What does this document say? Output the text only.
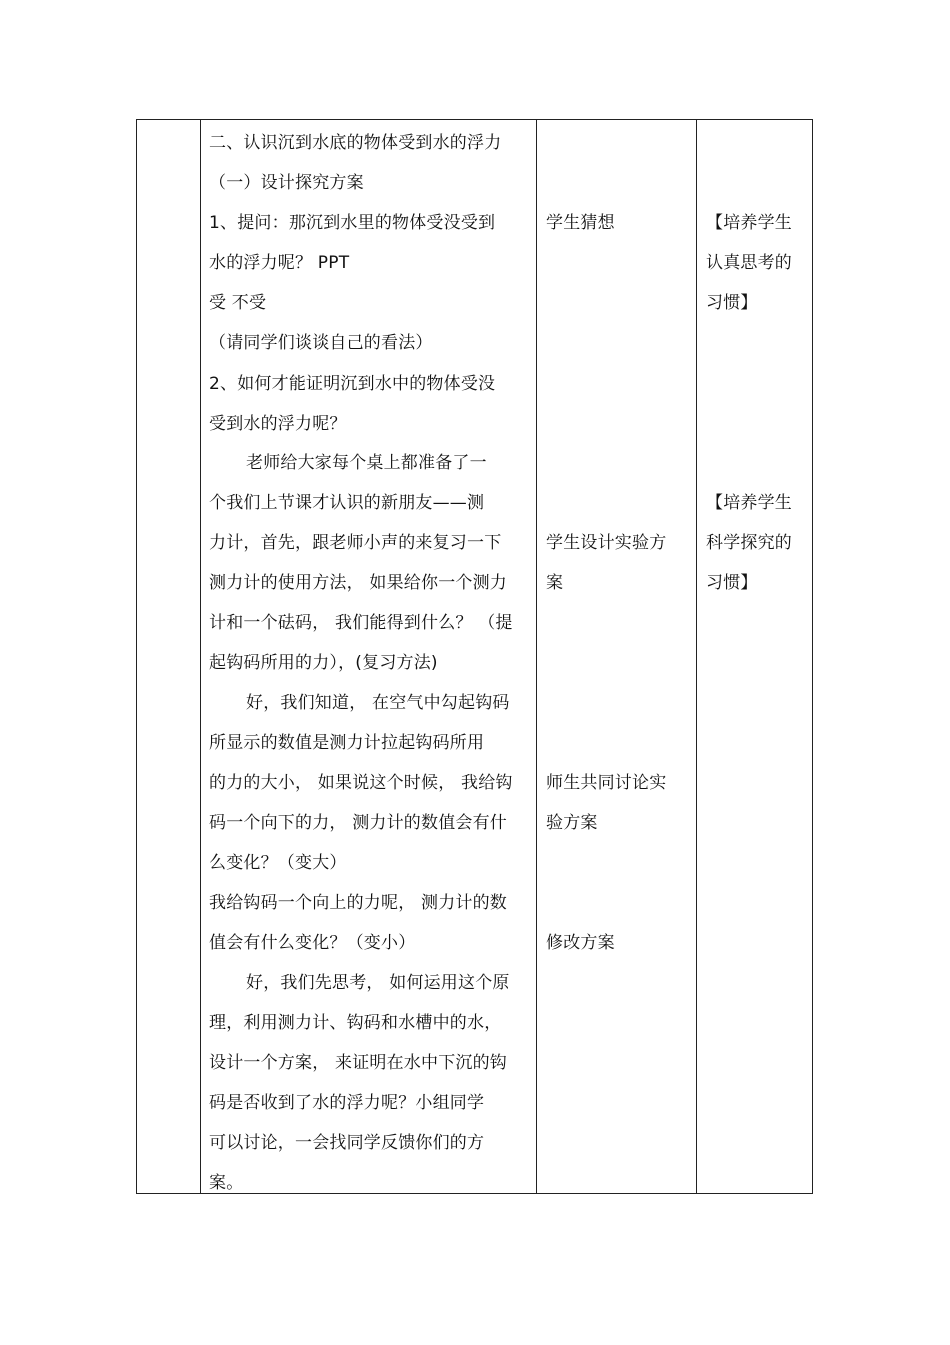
二、认识沉到水底的物体受到水的浮力
（一）设计探究方案
1、提问：那沉到水里的物体受没受到
水的浮力呢？ PPT
受 不受
（请同学们谈谈自己的看法）
2、如何才能证明沉到水中的物体受没
受到水的浮力呢？
老师给大家每个桌上都准备了一
个我们上节课才认识的新朋友——测
力计，首先，跟老师小声的来复习一下
测力计的使用方法， 如果给你一个测力
计和一个砝码， 我们能得到什么？ （提
起钩码所用的力），(复习方法)
好，我们知道， 在空气中勾起钩码
所显示的数值是测力计拉起钩码所用
的力的大小， 如果说这个时候， 我给钩
码一个向下的力， 测力计的数值会有什
么变化？（变大）
我给钩码一个向上的力呢， 测力计的数
值会有什么变化？（变小）
好，我们先思考， 如何运用这个原
理，利用测力计、钩码和水槽中的水，
设计一个方案， 来证明在水中下沉的钩
码是否收到了水的浮力呢？小组同学
可以讨论，一会找同学反馈你们的方
案。
学生猜想
学生设计实验方
案
师生共同讨论实
验方案
修改方案
【培养学生
认真思考的
习惯】
【培养学生
科学探究的
习惯】
